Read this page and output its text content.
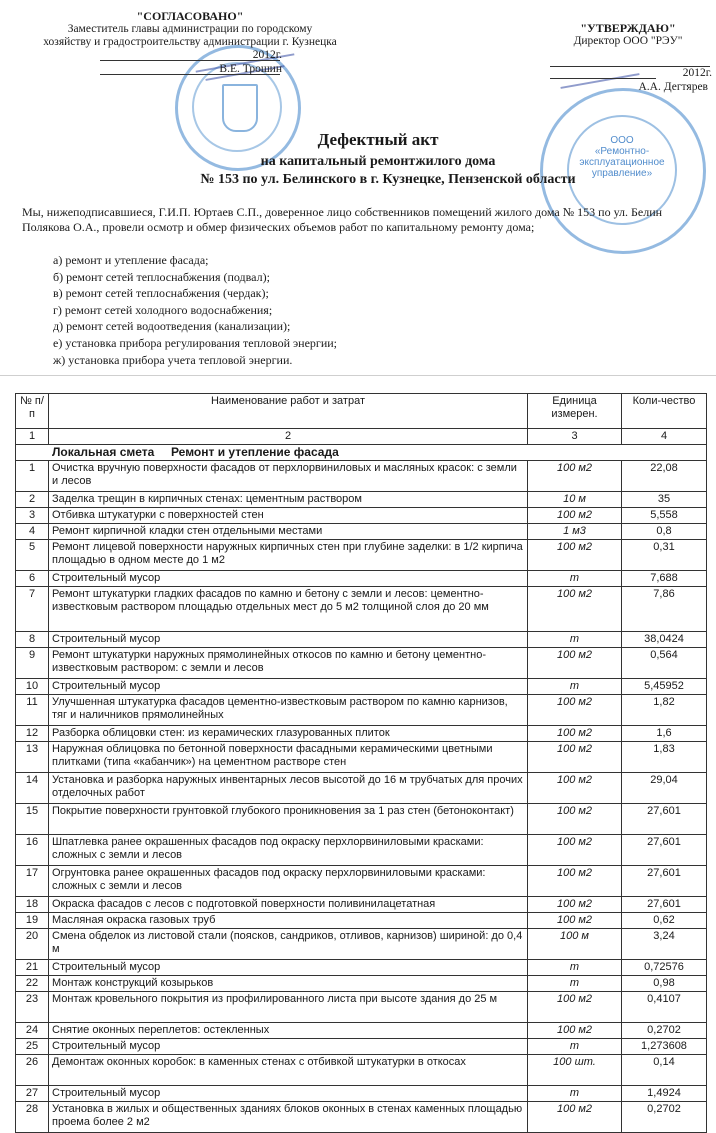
ООО
«Ремонтно-
эксплуатационное
управление»
"СОГЛАСОВАНО"
Заместитель главы администрации по городскому
хозяйству и градостроительству администрации г. Кузнецка
2012г.
В.Е. Трошин
"УТВЕРЖДАЮ"
Директор ООО "РЭУ"
2012г.
А.А. Дегтярев
Дефектный акт
на капитальный ремонтжилого дома
№ 153 по ул. Белинского в г. Кузнецке, Пензенской области
Мы, нижеподписавшиеся, Г.И.П. Юртаев С.П., доверенное лицо собственников помещений жилого дома № 153 по ул. Белин
Полякова О.А., провели осмотр и обмер физических объемов работ по капитальному ремонту дома;
а) ремонт и утепление фасада;
б) ремонт сетей теплоснабжения (подвал);
в) ремонт сетей теплоснабжения (чердак);
г) ремонт сетей холодного водоснабжения;
д) ремонт сетей водоотведения (канализации);
е) установка прибора регулирования тепловой энергии;
ж) установка прибора учета тепловой энергии.
№ п/п	Наименование работ и затрат	Единица измерен.	Коли-чество
1	2	3	4
Локальная смета     Ремонт и утепление фасада			
1	Очистка вручную поверхности фасадов от перхлорвиниловых и масляных красок: с земли и лесов	100 м2	22,08
2	Заделка трещин в кирпичных стенах: цементным раствором	10 м	35
3	Отбивка штукатурки с поверхностей стен	100 м2	5,558
4	Ремонт кирпичной кладки стен отдельными местами	1 м3	0,8
5	Ремонт лицевой поверхности наружных кирпичных стен при глубине заделки: в 1/2 кирпича площадью в одном месте до 1 м2	100 м2	0,31
6	Строительный мусор	т	7,688
7	Ремонт штукатурки гладких фасадов по камню и бетону с земли и лесов: цементно-известковым раствором площадью отдельных мест до 5 м2 толщиной слоя до 20 мм	100 м2	7,86
8	Строительный мусор	т	38,0424
9	Ремонт штукатурки наружных прямолинейных откосов по камню и бетону цементно-известковым раствором: с земли и лесов	100 м2	0,564
10	Строительный мусор	т	5,45952
11	Улучшенная штукатурка фасадов цементно-известковым раствором по камню карнизов, тяг и наличников прямолинейных	100 м2	1,82
12	Разборка облицовки стен: из керамических глазурованных плиток	100 м2	1,6
13	Наружная облицовка по бетонной поверхности фасадными керамическими цветными плитками (типа «кабанчик») на цементном растворе стен	100 м2	1,83
14	Установка и разборка наружных инвентарных лесов высотой до 16 м трубчатых для прочих отделочных работ	100 м2	29,04
15	Покрытие поверхности грунтовкой глубокого проникновения за 1 раз стен (бетоноконтакт)	100 м2	27,601
16	Шпатлевка ранее окрашенных фасадов под окраску перхлорвиниловыми красками: сложных с земли и лесов	100 м2	27,601
17	Огрунтовка ранее окрашенных фасадов под окраску перхлорвиниловыми красками: сложных с земли и лесов	100 м2	27,601
18	Окраска фасадов с лесов с подготовкой поверхности поливинилацетатная	100 м2	27,601
19	Масляная окраска газовых труб	100 м2	0,62
20	Смена обделок из листовой стали (поясков, сандриков, отливов, карнизов) шириной: до 0,4 м	100 м	3,24
21	Строительный мусор	т	0,72576
22	Монтаж конструкций козырьков	т	0,98
23	Монтаж кровельного покрытия из профилированного листа при высоте здания до 25 м	100 м2	0,4107
24	Снятие оконных переплетов: остекленных	100 м2	0,2702
25	Строительный мусор	т	1,273608
26	Демонтаж оконных коробок: в каменных стенах с отбивкой штукатурки в откосах	100 шт.	0,14
27	Строительный мусор	т	1,4924
28	Установка в жилых и общественных зданиях блоков оконных в стенах каменных площадью проема более 2 м2	100 м2	0,2702
